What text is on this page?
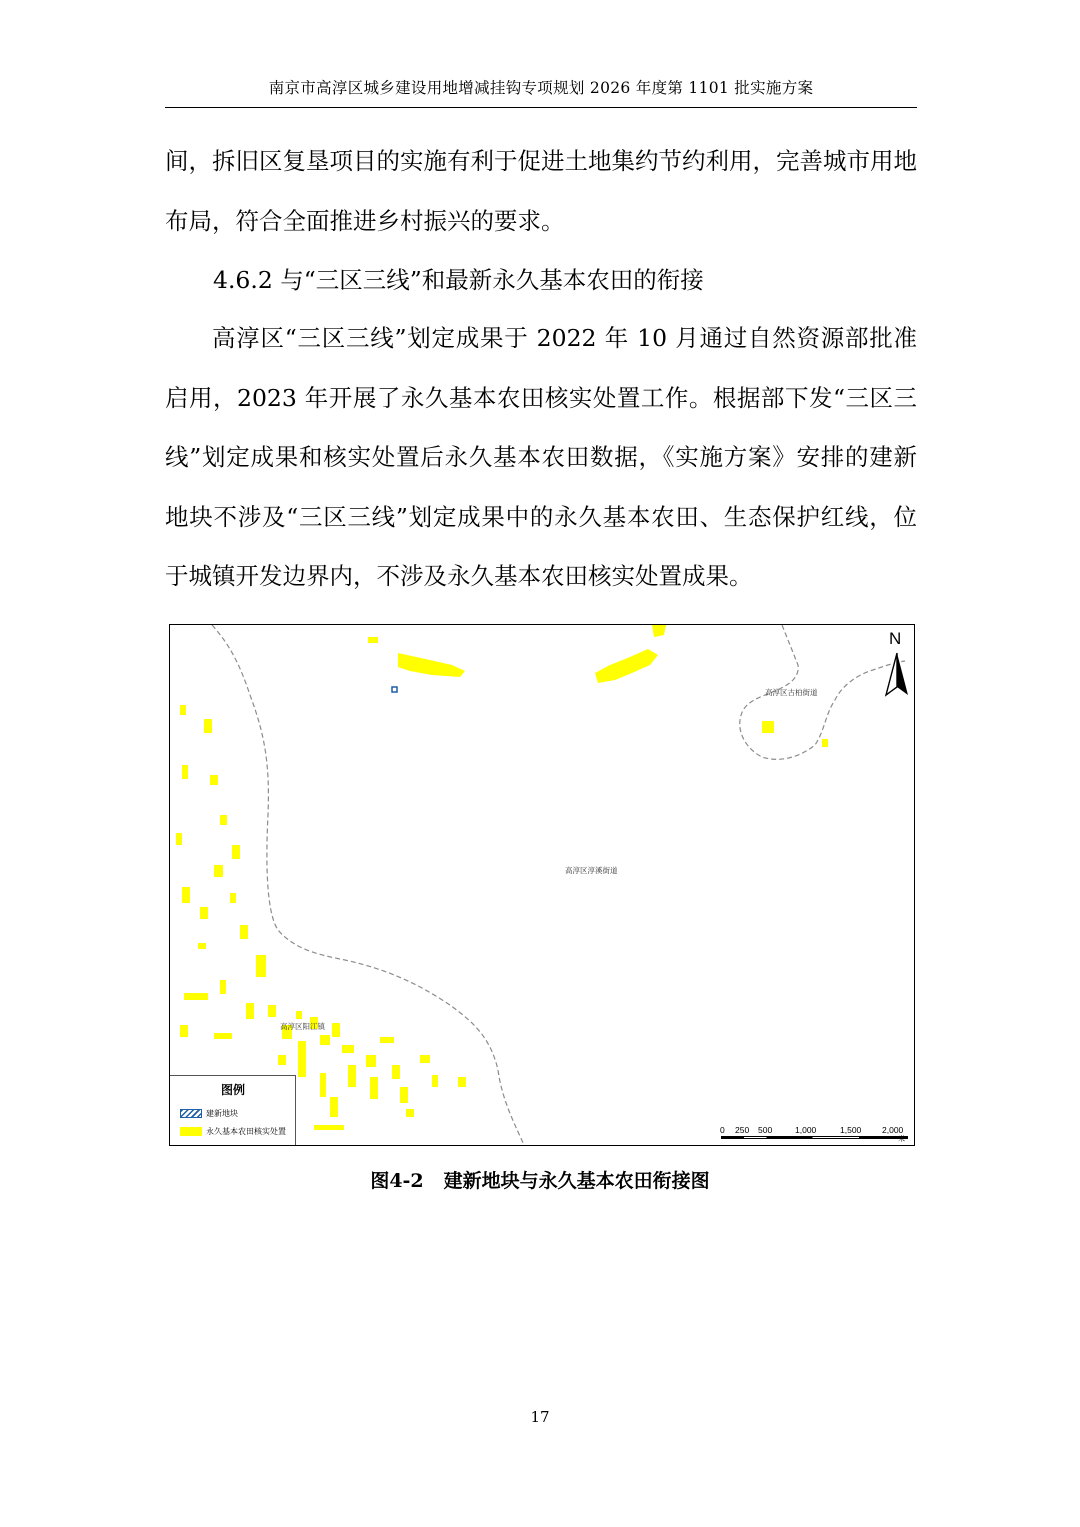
南京市高淳区城乡建设用地增减挂钩专项规划 2026 年度第 1101 批实施方案

间，拆旧区复垦项目的实施有利于促进土地集约节约利用，完善城市用地布局，符合全面推进乡村振兴的要求。

4.6.2 与“三区三线”和最新永久基本农田的衔接

高淳区“三区三线”划定成果于 2022 年 10 月通过自然资源部批准启用，2023 年开展了永久基本农田核实处置工作。根据部下发“三区三线”划定成果和核实处置后永久基本农田数据，《实施方案》安排的建新地块不涉及“三区三线”划定成果中的永久基本农田、生态保护红线，位于城镇开发边界内，不涉及永久基本农田核实处置成果。

高淳区古柏街道
高淳区淳溪街道
高淳区阳江镇
N
图例
建新地块
永久基本农田核实处置	0 250 500	1,000	1,500 2,000
米
图4-2 建新地块与永久基本农田衔接图
17
